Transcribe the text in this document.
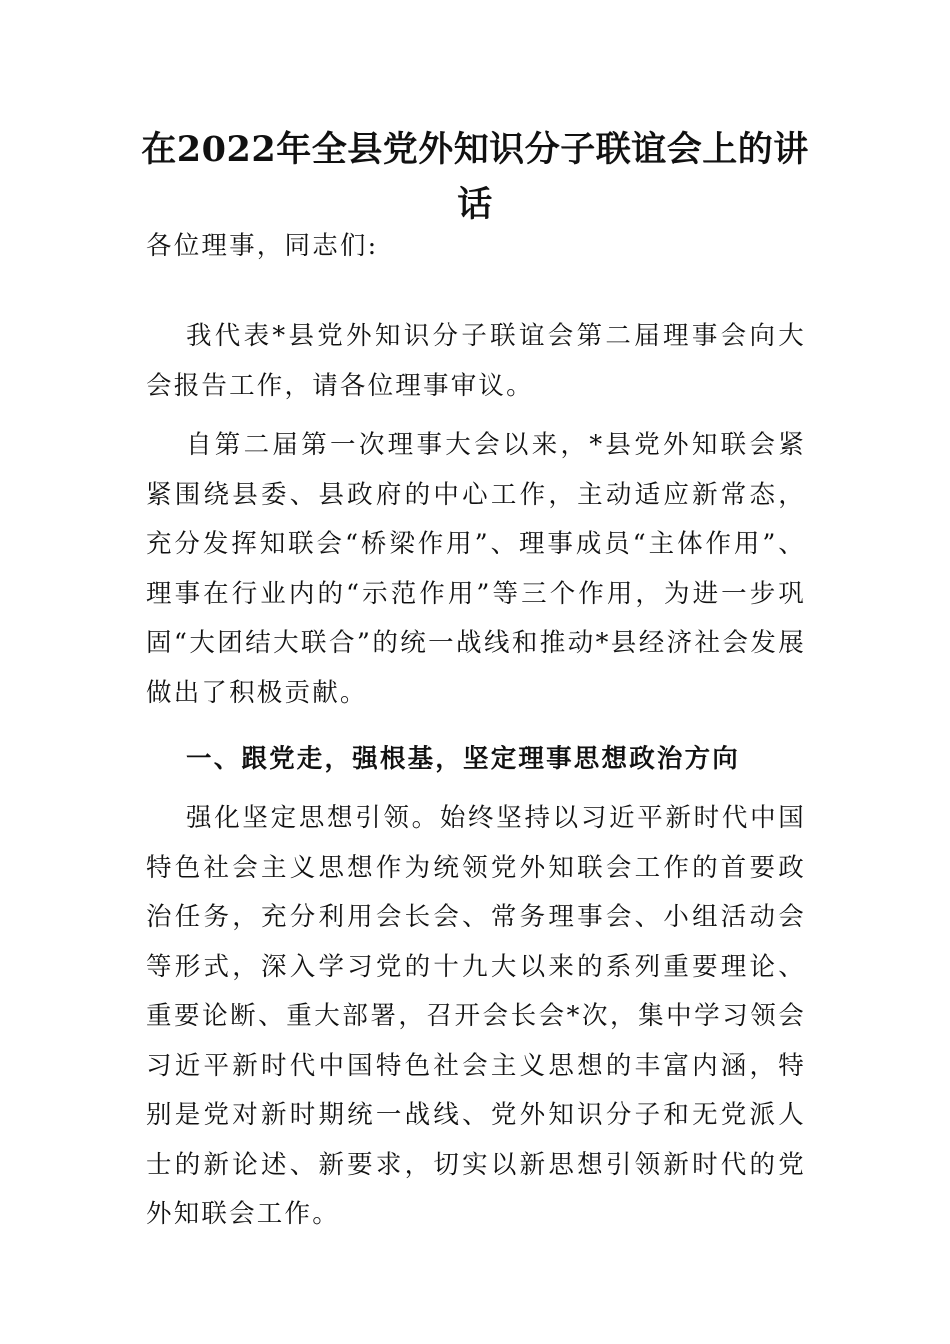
在2022年全县党外知识分子联谊会上的讲话

各位理事，同志们:

我代表*县党外知识分子联谊会第二届理事会向大会报告工作，请各位理事审议。

自第二届第一次理事大会以来，*县党外知联会紧紧围绕县委、县政府的中心工作，主动适应新常态，充分发挥知联会“桥梁作用”、理事成员“主体作用”、理事在行业内的“示范作用”等三个作用，为进一步巩固“大团结大联合”的统一战线和推动*县经济社会发展做出了积极贡献。

一、跟党走，强根基，坚定理事思想政治方向

强化坚定思想引领。始终坚持以习近平新时代中国特色社会主义思想作为统领党外知联会工作的首要政治任务，充分利用会长会、常务理事会、小组活动会等形式，深入学习党的十九大以来的系列重要理论、重要论断、重大部署，召开会长会*次，集中学习领会习近平新时代中国特色社会主义思想的丰富内涵，特别是党对新时期统一战线、党外知识分子和无党派人士的新论述、新要求，切实以新思想引领新时代的党外知联会工作。
